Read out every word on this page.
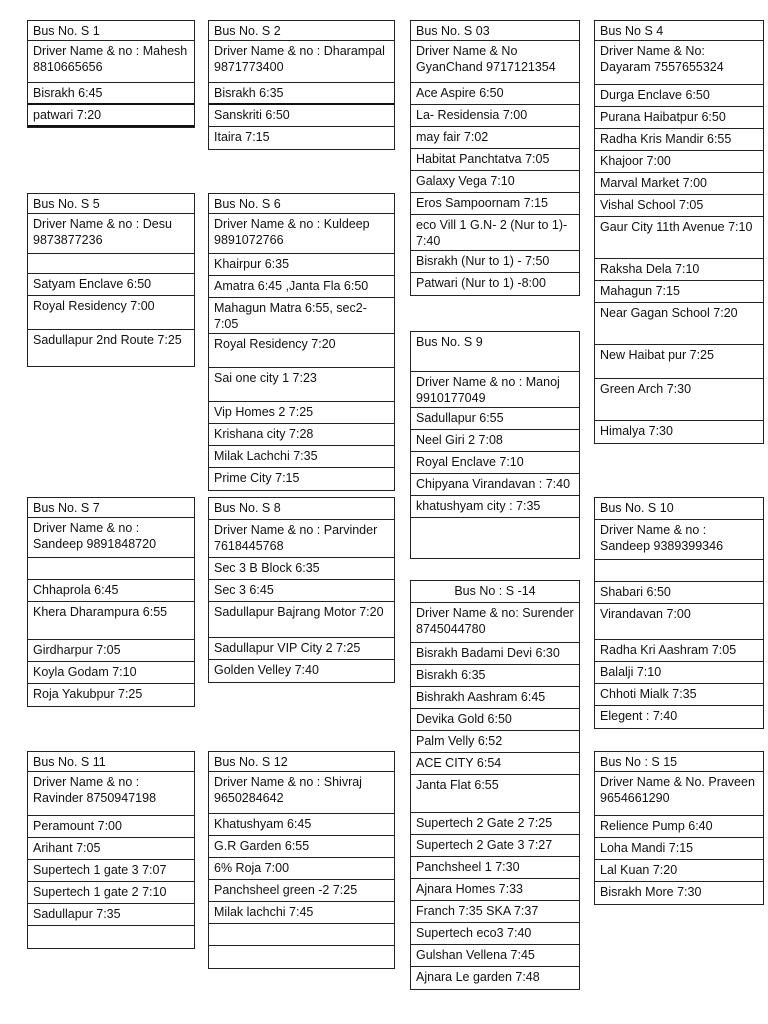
Bus No. S 1
Driver Name & no : Mahesh 8810665656
Bisrakh 6:45
patwari 7:20
Bus No. S 2
Driver Name & no : Dharampal 9871773400
Bisrakh 6:35
Sanskriti 6:50
Itaira 7:15
Bus No. S 03
Driver Name & No GyanChand 9717121354
Ace Aspire 6:50
La- Residensia 7:00
may fair 7:02
Habitat Panchtatva 7:05
Galaxy Vega 7:10
Eros Sampoornam 7:15
eco Vill 1 G.N- 2 (Nur to 1)- 7:40
Bisrakh (Nur to 1) - 7:50
Patwari (Nur to 1) -8:00
Bus No S 4
Driver Name & No: Dayaram 7557655324
Durga Enclave 6:50
Purana Haibatpur 6:50
Radha Kris Mandir 6:55
Khajoor 7:00
Marval Market 7:00
Vishal School 7:05
Gaur City 11th Avenue 7:10
Raksha Dela 7:10
Mahagun 7:15
Near Gagan School 7:20
New Haibat pur 7:25
Green Arch 7:30
Himalya 7:30
Bus No. S 5
Driver Name & no : Desu 9873877236
Satyam Enclave 6:50
Royal Residency 7:00
Sadullapur 2nd Route 7:25
Bus No. S 6
Driver Name & no : Kuldeep 9891072766
Khairpur 6:35
Amatra 6:45 ,Janta Fla 6:50
Mahagun Matra 6:55, sec2- 7:05
Royal Residency 7:20
Sai one city 1 7:23
Vip Homes 2 7:25
Krishana city 7:28
Milak Lachchi 7:35
Prime City 7:15
Bus No. S 9
Driver Name & no : Manoj 9910177049
Sadullapur 6:55
Neel Giri 2 7:08
Royal Enclave 7:10
Chipyana Virandavan : 7:40
khatushyam city : 7:35
Bus No. S 7
Driver Name & no : Sandeep 9891848720
Chhaprola 6:45
Khera Dharampura 6:55
Girdharpur 7:05
Koyla Godam 7:10
Roja Yakubpur 7:25
Bus No. S 8
Driver Name & no : Parvinder 7618445768
Sec 3 B Block 6:35
Sec 3 6:45
Sadullapur Bajrang Motor 7:20
Sadullapur VIP City 2 7:25
Golden Velley 7:40
Bus No. S 10
Driver Name & no : Sandeep 9389399346
Shabari 6:50
Virandavan 7:00
Radha Kri Aashram 7:05
Balalji 7:10
Chhoti Mialk 7:35
Elegent : 7:40
Bus No : S -14
Driver Name & no: Surender 8745044780
Bisrakh Badami Devi 6:30
Bisrakh 6:35
Bishrakh Aashram 6:45
Devika Gold 6:50
Palm Velly 6:52
ACE CITY 6:54
Janta Flat 6:55
Supertech 2 Gate 2 7:25
Supertech 2 Gate 3 7:27
Panchsheel 1 7:30
Ajnara Homes 7:33
Franch 7:35 SKA 7:37
Supertech eco3 7:40
Gulshan Vellena 7:45
Ajnara Le garden 7:48
Bus No. S 11
Driver Name & no : Ravinder 8750947198
Peramount 7:00
Arihant 7:05
Supertech 1 gate 3 7:07
Supertech 1 gate 2 7:10
Sadullapur 7:35
Bus No. S 12
Driver Name & no : Shivraj 9650284642
Khatushyam 6:45
G.R Garden 6:55
6% Roja 7:00
Panchsheel green -2 7:25
Milak lachchi 7:45
Bus No : S 15
Driver Name & No. Praveen 9654661290
Relience Pump 6:40
Loha Mandi 7:15
Lal Kuan 7:20
Bisrakh More 7:30
